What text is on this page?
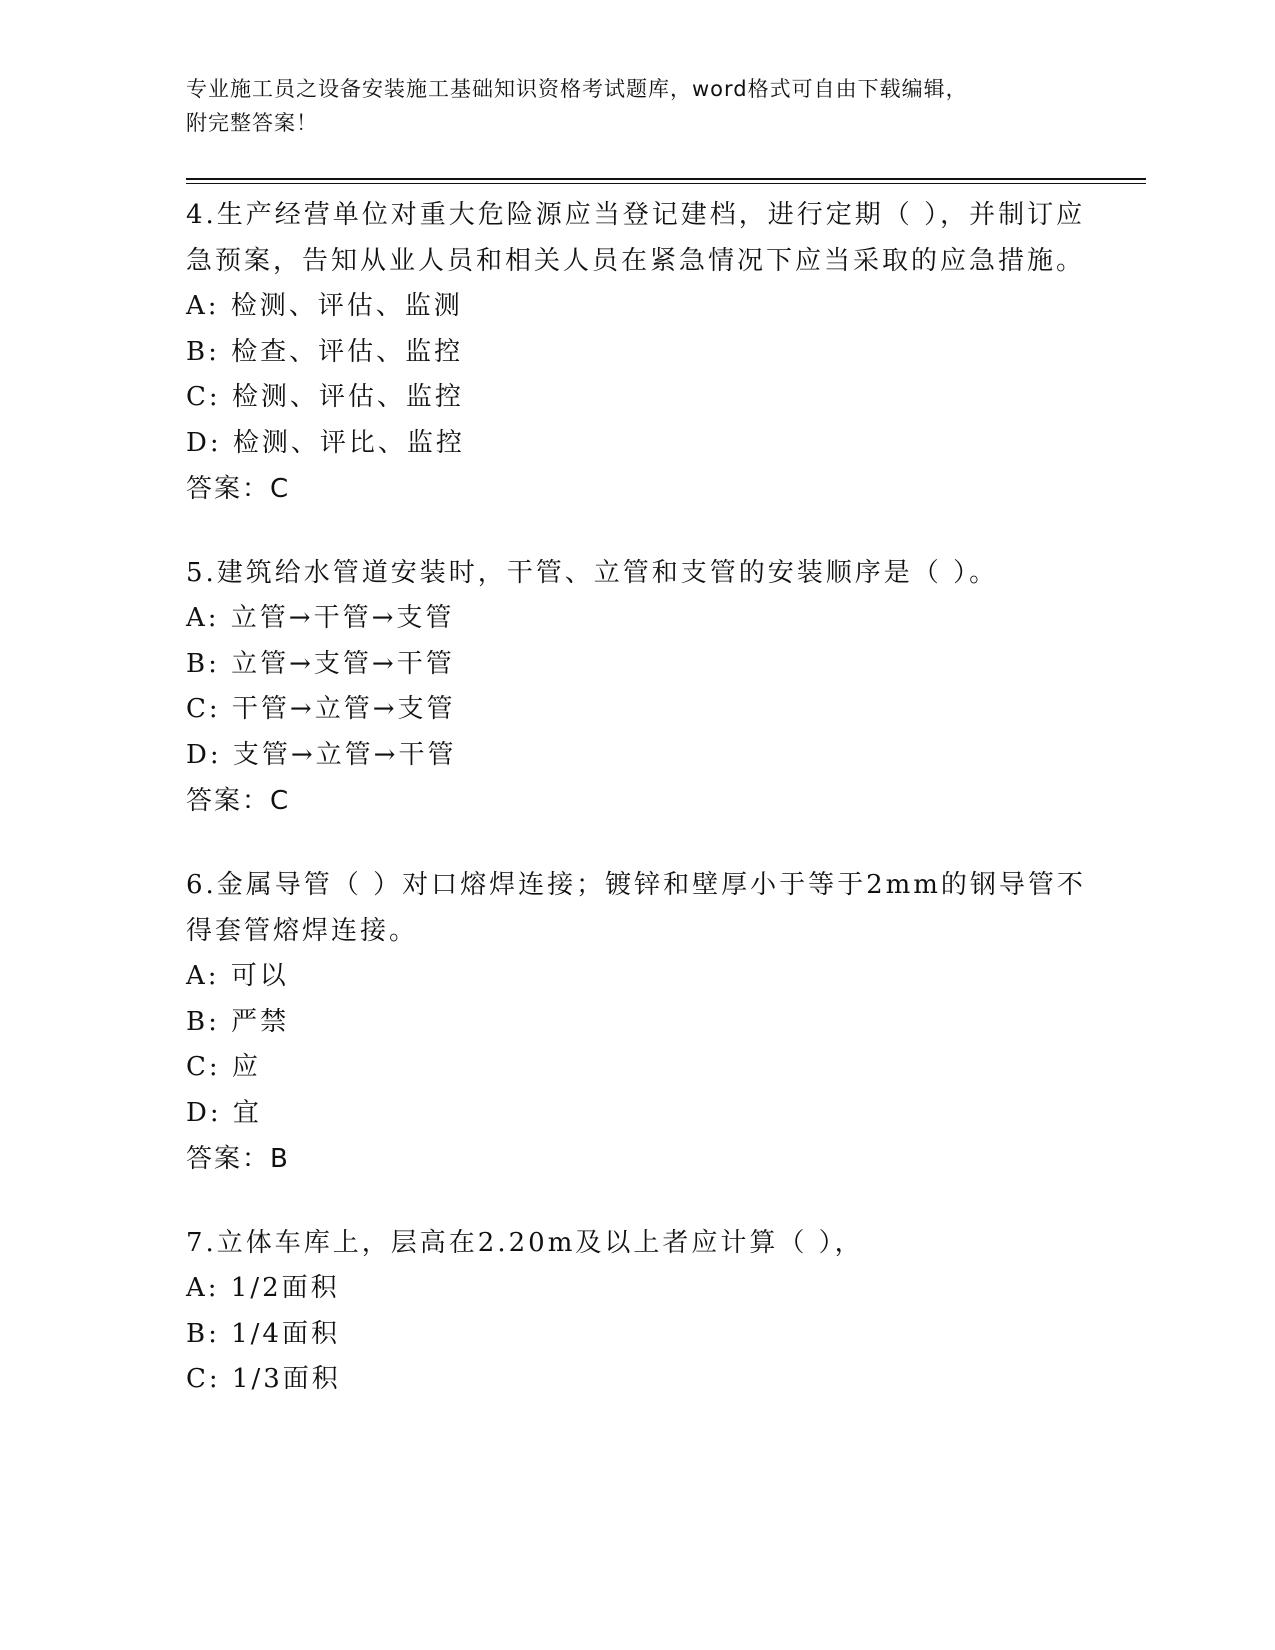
专业施工员之设备安装施工基础知识资格考试题库，word格式可自由下载编辑，
附完整答案！
4.生产经营单位对重大危险源应当登记建档，进行定期（ ），并制订应急预案，告知从业人员和相关人员在紧急情况下应当采取的应急措施。
A: 检测、评估、监测
B: 检查、评估、监控
C: 检测、评估、监控
D: 检测、评比、监控
答案：C
5.建筑给水管道安装时，干管、立管和支管的安装顺序是（ ）。
A: 立管→干管→支管
B: 立管→支管→干管
C: 干管→立管→支管
D: 支管→立管→干管
答案：C
6.金属导管（ ）对口熔焊连接；镀锌和壁厚小于等于2mm的钢导管不得套管熔焊连接。
A: 可以
B: 严禁
C: 应
D: 宜
答案：B
7.立体车库上，层高在2.20m及以上者应计算（ ），
A: 1/2面积
B: 1/4面积
C: 1/3面积
